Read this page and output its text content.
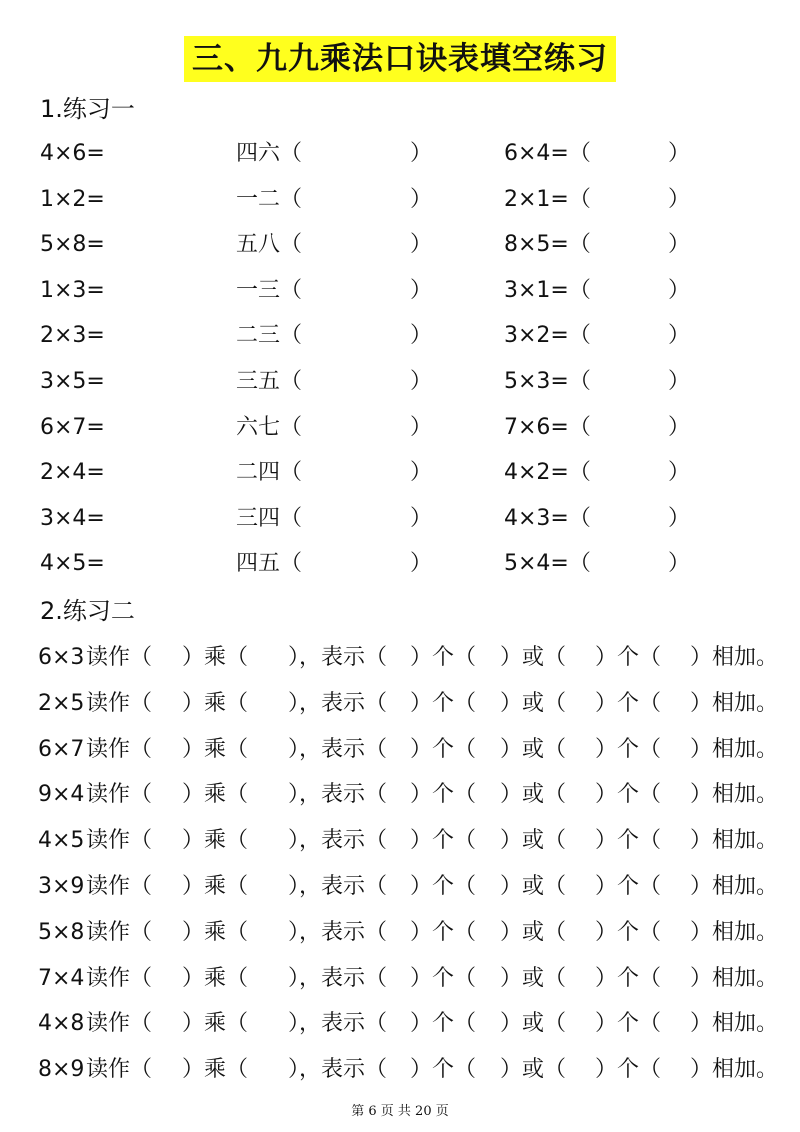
三、九九乘法口诀表填空练习
1.练习一
4×6=	四六（	）	6×4=（	）
1×2=	一二（	）	2×1=（	）
5×8=	五八（	）	8×5=（	）
1×3=	一三（	）	3×1=（	）
2×3=	二三（	）	3×2=（	）
3×5=	三五（	）	5×3=（	）
6×7=	六七（	）	7×6=（	）
2×4=	二四（	）	4×2=（	）
3×4=	三四（	）	4×3=（	）
4×5=	四五（	）	5×4=（	）
2.练习二
6×3 读作（ ）乘（ ），表示（ ）个（ ）或（ ）个（ ）相加。
2×5 读作（ ）乘（ ），表示（ ）个（ ）或（ ）个（ ）相加。
6×7 读作（ ）乘（ ），表示（ ）个（ ）或（ ）个（ ）相加。
9×4 读作（ ）乘（ ），表示（ ）个（ ）或（ ）个（ ）相加。
4×5 读作（ ）乘（ ），表示（ ）个（ ）或（ ）个（ ）相加。
3×9 读作（ ）乘（ ），表示（ ）个（ ）或（ ）个（ ）相加。
5×8 读作（ ）乘（ ），表示（ ）个（ ）或（ ）个（ ）相加。
7×4 读作（ ）乘（ ），表示（ ）个（ ）或（ ）个（ ）相加。
4×8 读作（ ）乘（ ），表示（ ）个（ ）或（ ）个（ ）相加。
8×9 读作（ ）乘（ ），表示（ ）个（ ）或（ ）个（ ）相加。
第 6 页 共 20 页
